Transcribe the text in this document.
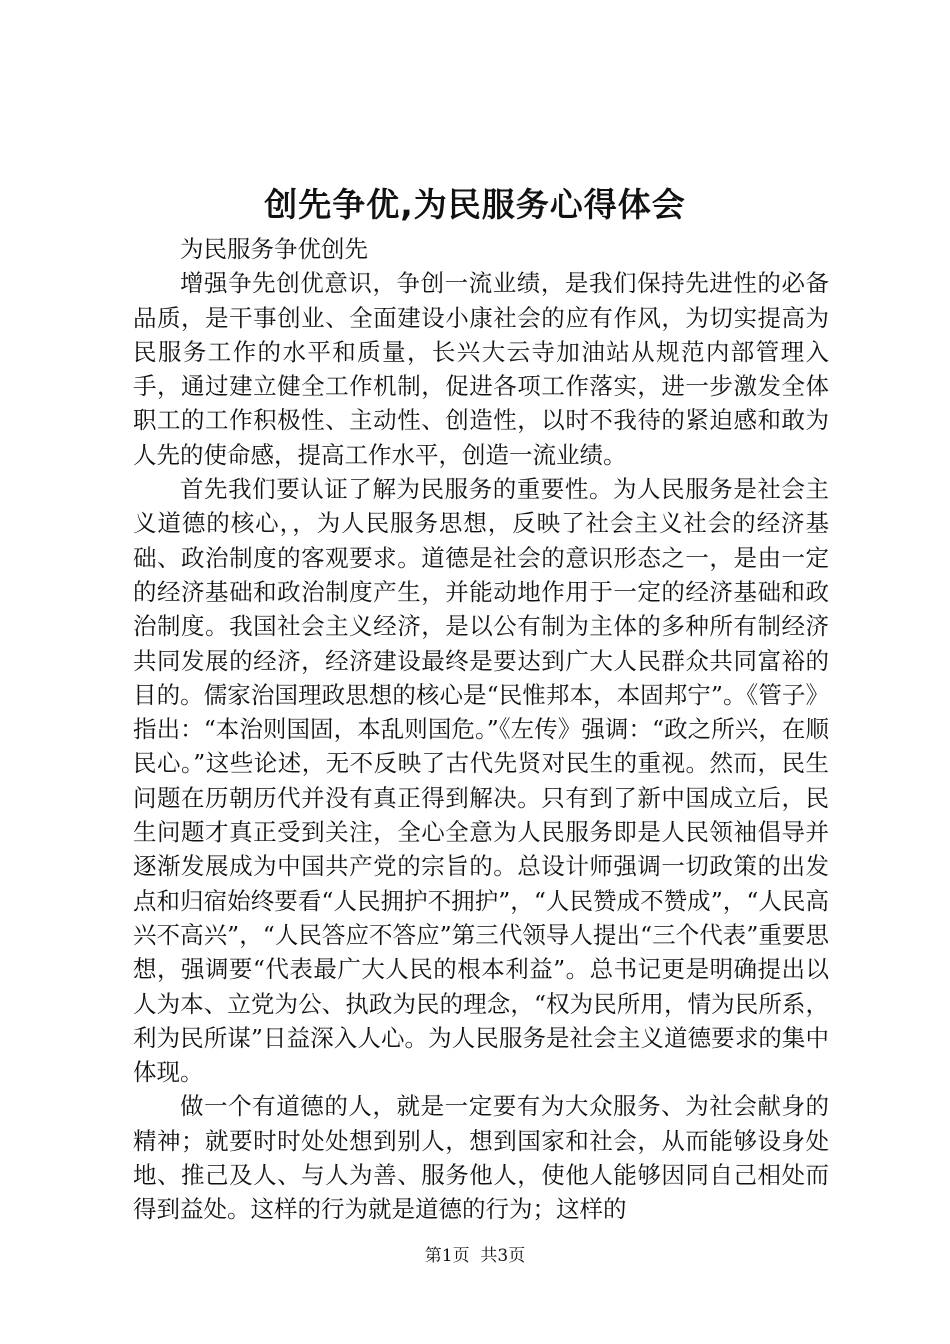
创先争优,为民服务心得体会

为民服务争优创先

增强争先创优意识，争创一流业绩，是我们保持先进性的必备品质，是干事创业、全面建设小康社会的应有作风，为切实提高为民服务工作的水平和质量，长兴大云寺加油站从规范内部管理入手，通过建立健全工作机制，促进各项工作落实，进一步激发全体职工的工作积极性、主动性、创造性，以时不我待的紧迫感和敢为人先的使命感，提高工作水平，创造一流业绩。

首先我们要认证了解为民服务的重要性。为人民服务是社会主义道德的核心，，为人民服务思想，反映了社会主义社会的经济基础、政治制度的客观要求。道德是社会的意识形态之一，是由一定的经济基础和政治制度产生，并能动地作用于一定的经济基础和政治制度。我国社会主义经济，是以公有制为主体的多种所有制经济共同发展的经济，经济建设最终是要达到广大人民群众共同富裕的目的。儒家治国理政思想的核心是“民惟邦本，本固邦宁”。《管子》指出：“本治则国固，本乱则国危。”《左传》强调：“政之所兴，在顺民心。”这些论述，无不反映了古代先贤对民生的重视。然而，民生问题在历朝历代并没有真正得到解决。只有到了新中国成立后，民生问题才真正受到关注，全心全意为人民服务即是人民领袖倡导并逐渐发展成为中国共产党的宗旨的。总设计师强调一切政策的出发点和归宿始终要看“人民拥护不拥护”，“人民赞成不赞成”，“人民高兴不高兴”，“人民答应不答应”第三代领导人提出“三个代表”重要思想，强调要“代表最广大人民的根本利益”。总书记更是明确提出以人为本、立党为公、执政为民的理念，“权为民所用，情为民所系，利为民所谋”日益深入人心。为人民服务是社会主义道德要求的集中体现。

做一个有道德的人，就是一定要有为大众服务、为社会献身的精神；就要时时处处想到别人，想到国家和社会，从而能够设身处地、推己及人、与人为善、服务他人，使他人能够因同自己相处而得到益处。这样的行为就是道德的行为；这样的

第1页  共3页
